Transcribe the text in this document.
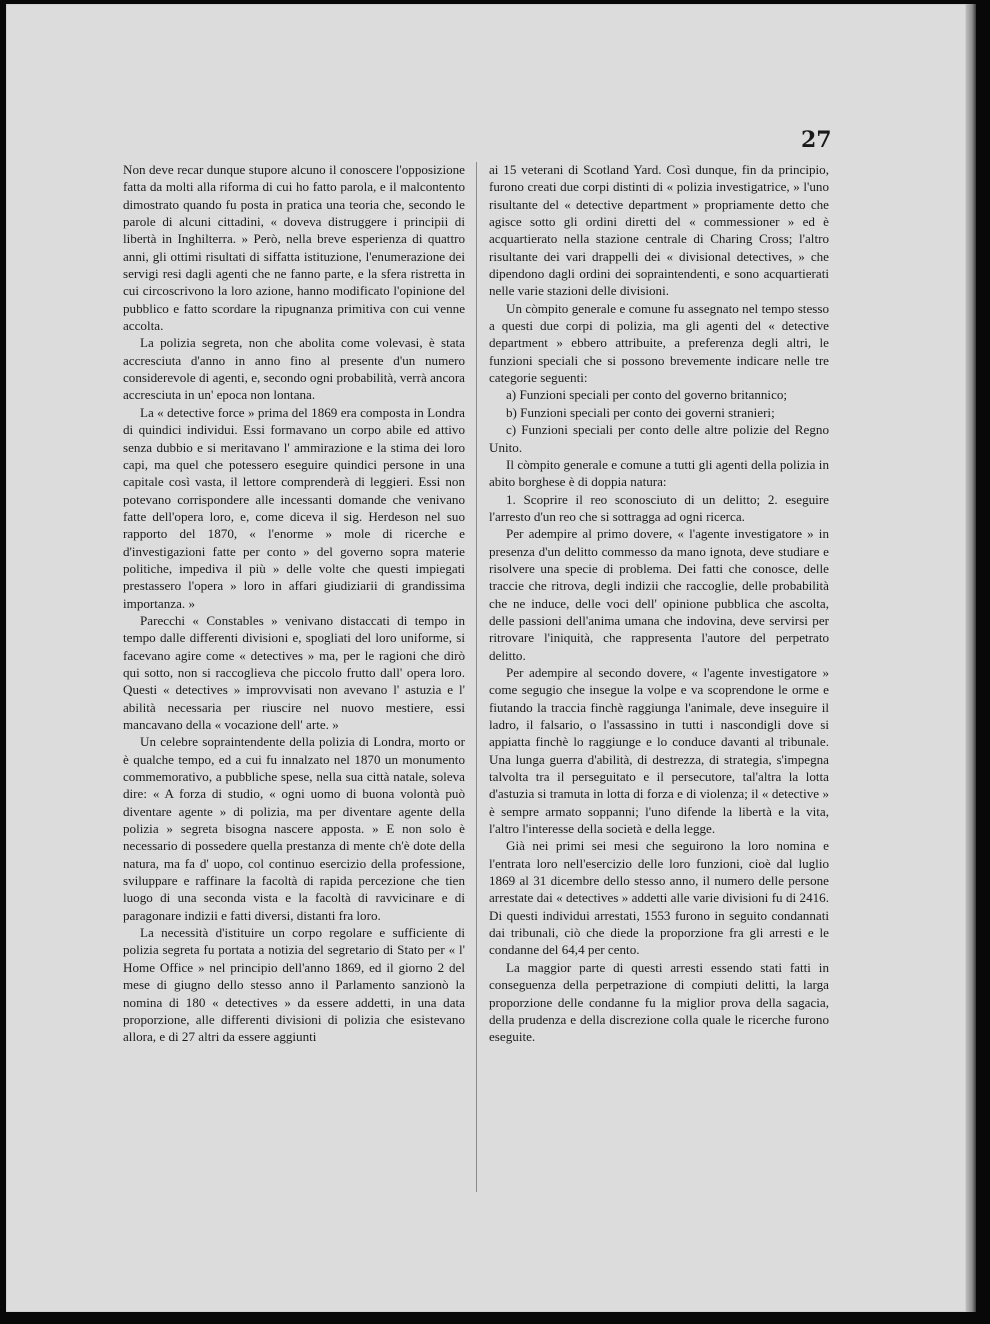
27

Non deve recar dunque stupore alcuno il conoscere l'opposizione fatta da molti alla riforma di cui ho fatto parola, e il malcontento dimostrato quando fu posta in pratica una teoria che, secondo le parole di alcuni cittadini, « doveva distruggere i principii di libertà in Inghilterra. » Però, nella breve esperienza di quattro anni, gli ottimi risultati di siffatta istituzione, l'enumerazione dei servigi resi dagli agenti che ne fanno parte, e la sfera ristretta in cui circoscrivono la loro azione, hanno modificato l'opinione del pubblico e fatto scordare la ripugnanza primitiva con cui venne accolta.

La polizia segreta, non che abolita come volevasi, è stata accresciuta d'anno in anno fino al presente d'un numero considerevole di agenti, e, secondo ogni probabilità, verrà ancora accresciuta in un' epoca non lontana.

La « detective force » prima del 1869 era composta in Londra di quindici individui. Essi formavano un corpo abile ed attivo senza dubbio e si meritavano l' ammirazione e la stima dei loro capi, ma quel che potessero eseguire quindici persone in una capitale così vasta, il lettore comprenderà di leggieri. Essi non potevano corrispondere alle incessanti domande che venivano fatte dell'opera loro, e, come diceva il sig. Herdeson nel suo rapporto del 1870, « l'enorme » mole di ricerche e d'investigazioni fatte per conto » del governo sopra materie politiche, impediva il più » delle volte che questi impiegati prestassero l'opera » loro in affari giudiziarii di grandissima importanza. »

Parecchi « Constables » venivano distaccati di tempo in tempo dalle differenti divisioni e, spogliati del loro uniforme, si facevano agire come « detectives » ma, per le ragioni che dirò qui sotto, non si raccoglieva che piccolo frutto dall' opera loro. Questi « detectives » improvvisati non avevano l' astuzia e l' abilità necessaria per riuscire nel nuovo mestiere, essi mancavano della « vocazione dell' arte. »

Un celebre sopraintendente della polizia di Londra, morto or è qualche tempo, ed a cui fu innalzato nel 1870 un monumento commemorativo, a pubbliche spese, nella sua città natale, soleva dire: « A forza di studio, « ogni uomo di buona volontà può diventare agente » di polizia, ma per diventare agente della polizia » segreta bisogna nascere apposta. » E non solo è necessario di possedere quella prestanza di mente ch'è dote della natura, ma fa d' uopo, col continuo esercizio della professione, sviluppare e raffinare la facoltà di rapida percezione che tien luogo di una seconda vista e la facoltà di ravvicinare e di paragonare indizii e fatti diversi, distanti fra loro.

La necessità d'istituire un corpo regolare e sufficiente di polizia segreta fu portata a notizia del segretario di Stato per « l' Home Office » nel principio dell'anno 1869, ed il giorno 2 del mese di giugno dello stesso anno il Parlamento sanzionò la nomina di 180 « detectives » da essere addetti, in una data proporzione, alle differenti divisioni di polizia che esistevano allora, e di 27 altri da essere aggiunti

ai 15 veterani di Scotland Yard. Così dunque, fin da principio, furono creati due corpi distinti di « polizia investigatrice, » l'uno risultante del « detective department » propriamente detto che agisce sotto gli ordini diretti del « commessioner » ed è acquartierato nella stazione centrale di Charing Cross; l'altro risultante dei vari drappelli dei « divisional detectives, » che dipendono dagli ordini dei sopraintendenti, e sono acquartierati nelle varie stazioni delle divisioni.

Un còmpito generale e comune fu assegnato nel tempo stesso a questi due corpi di polizia, ma gli agenti del « detective department » ebbero attribuite, a preferenza degli altri, le funzioni speciali che si possono brevemente indicare nelle tre categorie seguenti:

a) Funzioni speciali per conto del governo britannico;

b) Funzioni speciali per conto dei governi stranieri;

c) Funzioni speciali per conto delle altre polizie del Regno Unito.

Il còmpito generale e comune a tutti gli agenti della polizia in abito borghese è di doppia natura:

1. Scoprire il reo sconosciuto di un delitto; 2. eseguire l'arresto d'un reo che si sottragga ad ogni ricerca.

Per adempire al primo dovere, « l'agente investigatore » in presenza d'un delitto commesso da mano ignota, deve studiare e risolvere una specie di problema. Dei fatti che conosce, delle traccie che ritrova, degli indizii che raccoglie, delle probabilità che ne induce, delle voci dell' opinione pubblica che ascolta, delle passioni dell'anima umana che indovina, deve servirsi per ritrovare l'iniquità, che rappresenta l'autore del perpetrato delitto.

Per adempire al secondo dovere, « l'agente investigatore » come segugio che insegue la volpe e va scoprendone le orme e fiutando la traccia finchè raggiunga l'animale, deve inseguire il ladro, il falsario, o l'assassino in tutti i nascondigli dove si appiatta finchè lo raggiunge e lo conduce davanti al tribunale. Una lunga guerra d'abilità, di destrezza, di strategia, s'impegna talvolta tra il perseguitato e il persecutore, tal'altra la lotta d'astuzia si tramuta in lotta di forza e di violenza; il « detective » è sempre armato soppanni; l'uno difende la libertà e la vita, l'altro l'interesse della società e della legge.

Già nei primi sei mesi che seguirono la loro nomina e l'entrata loro nell'esercizio delle loro funzioni, cioè dal luglio 1869 al 31 dicembre dello stesso anno, il numero delle persone arrestate dai « detectives » addetti alle varie divisioni fu di 2416. Di questi individui arrestati, 1553 furono in seguito condannati dai tribunali, ciò che diede la proporzione fra gli arresti e le condanne del 64,4 per cento.

La maggior parte di questi arresti essendo stati fatti in conseguenza della perpetrazione di compiuti delitti, la larga proporzione delle condanne fu la miglior prova della sagacia, della prudenza e della discrezione colla quale le ricerche furono eseguite.
